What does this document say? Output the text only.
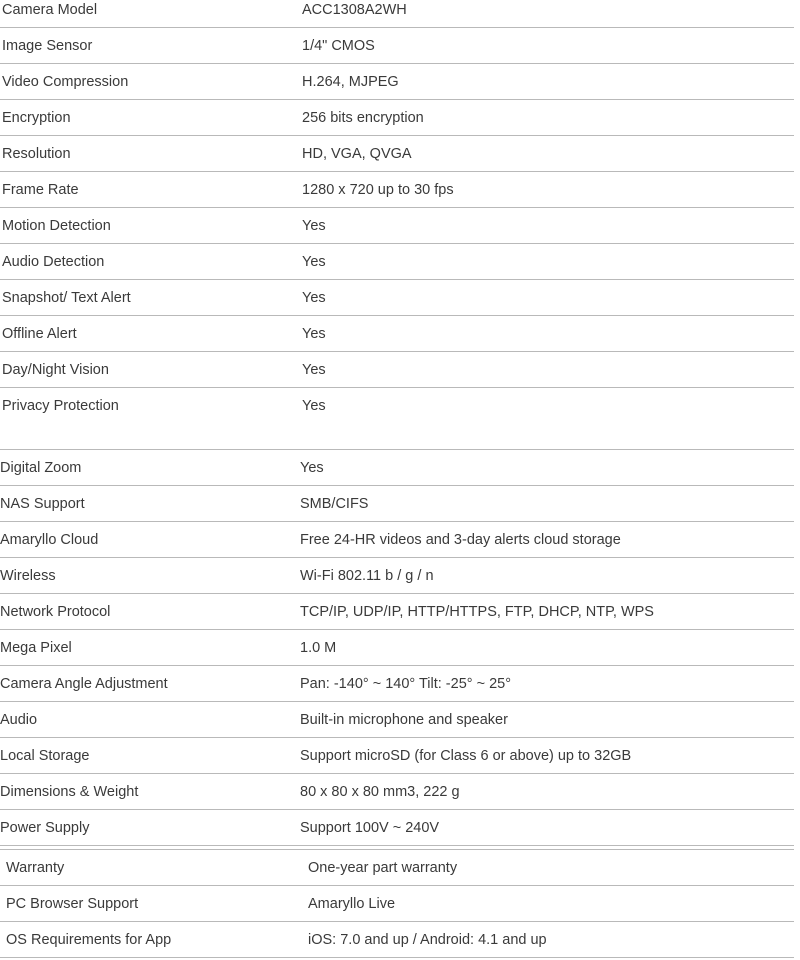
Camera Model	ACC1308A2WH
Image Sensor	1/4" CMOS
Video Compression	H.264, MJPEG
Encryption	256 bits encryption
Resolution	HD, VGA, QVGA
Frame Rate	1280 x 720 up to 30 fps
Motion Detection	Yes
Audio Detection	Yes
Snapshot/ Text Alert	Yes
Offline Alert	Yes
Day/Night Vision	Yes
Privacy Protection	Yes
Digital Zoom	Yes
NAS Support	SMB/CIFS
Amaryllo Cloud	Free 24-HR videos and 3-day alerts cloud storage
Wireless	Wi-Fi 802.11 b / g / n
Network Protocol	TCP/IP, UDP/IP, HTTP/HTTPS, FTP, DHCP, NTP, WPS
Mega Pixel	1.0 M
Camera Angle Adjustment	Pan: -140° ~ 140° Tilt: -25° ~ 25°
Audio	Built-in microphone and speaker
Local Storage	Support microSD (for Class 6 or above) up to 32GB
Dimensions & Weight	80 x 80 x 80 mm3, 222 g
Power Supply	Support 100V ~ 240V
Warranty	One-year part warranty
PC Browser Support	Amaryllo Live
OS Requirements for App	iOS: 7.0 and up / Android: 4.1 and up
